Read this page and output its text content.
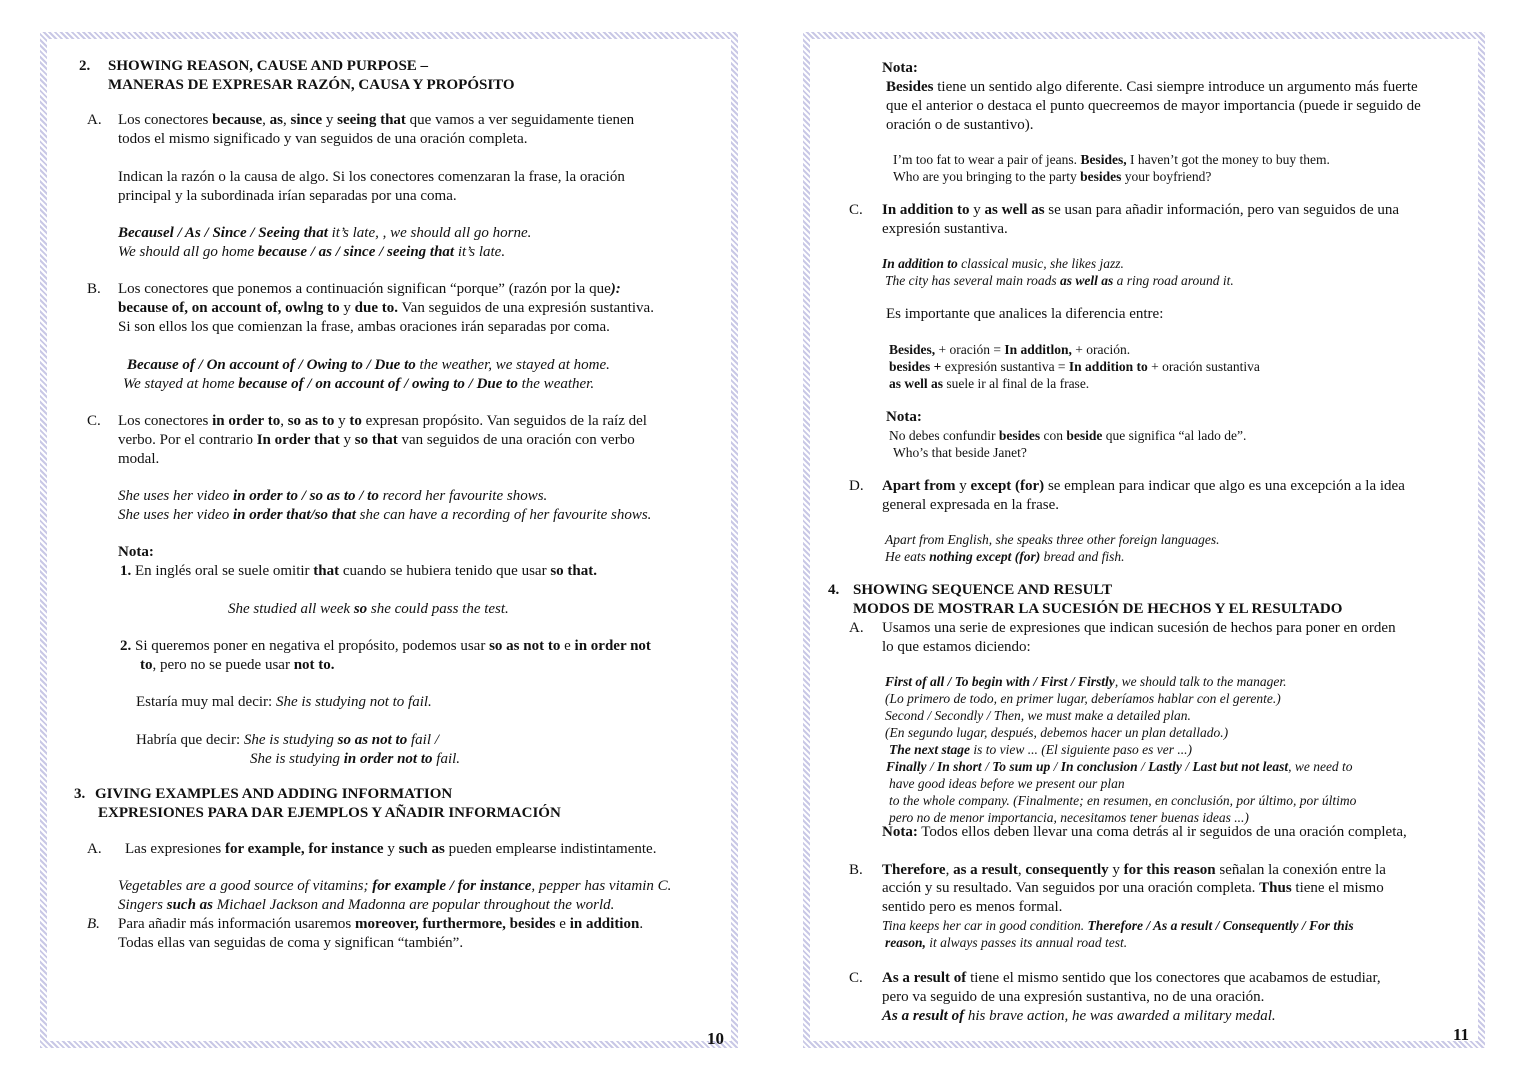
2. SHOWING REASON, CAUSE AND PURPOSE –
MANERAS DE EXPRESAR RAZÓN, CAUSA Y PROPÓSITO
A. Los conectores because, as, since y seeing that que vamos a ver seguidamente tienen
todos el mismo significado y van seguidos de una oración completa.
Indican la razón o la causa de algo. Si los conectores comenzaran la frase, la oración
principal y la subordinada irían separadas por una coma.
Becausel / As / Since / Seeing that it’s late, , we should all go horne.
We should all go home because / as / since / seeing that it’s late.
B. Los conectores que ponemos a continuación significan “porque” (razón por la que):
because of, on account of, owlng to y due to. Van seguidos de una expresión sustantiva.
Si son ellos los que comienzan la frase, ambas oraciones irán separadas por coma.
Because of / On account of / Owing to / Due to the weather, we stayed at home.
We stayed at home because of / on account of / owing to / Due to the weather.
C. Los conectores in order to, so as to y to expresan propósito. Van seguidos de la raíz del
verbo. Por el contrario In order that y so that van seguidos de una oración con verbo
modal.
She uses her video in order to / so as to / to record her favourite shows.
She uses her video in order that/so that she can have a recording of her favourite shows.
Nota:
1. En inglés oral se suele omitir that cuando se hubiera tenido que usar so that.
She studied all week so she could pass the test.
2. Si queremos poner en negativa el propósito, podemos usar so as not to e in order not
to, pero no se puede usar not to.
Estaría muy mal decir: She is studying not to fail.
Habría que decir: She is studying so as not to fail /
She is studying in order not to fail.
3. GIVING EXAMPLES AND ADDING INFORMATION
EXPRESIONES PARA DAR EJEMPLOS Y AÑADIR INFORMACIÓN
A. Las expresiones for example, for instance y such as pueden emplearse indistintamente.
Vegetables are a good source of vitamins; for example / for instance, pepper has vitamin C.
Singers such as Michael Jackson and Madonna are popular throughout the world.
B. Para añadir más información usaremos moreover, furthermore, besides e in addition.
Todas ellas van seguidas de coma y significan “también”.
10
Nota:
Besides tiene un sentido algo diferente. Casi siempre introduce un argumento más fuerte
que el anterior o destaca el punto quecreemos de mayor importancia (puede ir seguido de
oración o de sustantivo).
I’m too fat to wear a pair of jeans. Besides, I haven’t got the money to buy them.
Who are you bringing to the party besides your boyfriend?
C. In addition to y as well as se usan para añadir información, pero van seguidos de una
expresión sustantiva.
In addition to classical music, she likes jazz.
The city has several main roads as well as a ring road around it.
Es importante que analices la diferencia entre:
Besides, + oración = In additlon, + oración.
besides + expresión sustantiva = In addition to + oración sustantiva
as well as suele ir al final de la frase.
Nota:
No debes confundir besides con beside que significa “al lado de”.
Who’s that beside Janet?
D. Apart from y except (for) se emplean para indicar que algo es una excepción a la idea
general expresada en la frase.
Apart from English, she speaks three other foreign languages.
He eats nothing except (for) bread and fish.
4. SHOWING SEQUENCE AND RESULT
MODOS DE MOSTRAR LA SUCESIÓN DE HECHOS Y EL RESULTADO
A. Usamos una serie de expresiones que indican sucesión de hechos para poner en orden
lo que estamos diciendo:
First of all / To begin with / First / Firstly, we should talk to the manager.
(Lo primero de todo, en primer lugar, deberíamos hablar con el gerente.)
Second / Secondly / Then, we must make a detailed plan.
(En segundo lugar, después, debemos hacer un plan detallado.)
The next stage is to view ... (El siguiente paso es ver ...)
Finally / In short / To sum up / In conclusion / Lastly / Last but not least, we need to
have good ideas before we present our plan
to the whole company. (Finalmente; en resumen, en conclusión, por último, por último
pero no de menor importancia, necesitamos tener buenas ideas ...)
Nota: Todos ellos deben llevar una coma detrás al ir seguidos de una oración completa,
B. Therefore, as a result, consequently y for this reason señalan la conexión entre la
acción y su resultado. Van seguidos por una oración completa. Thus tiene el mismo
sentido pero es menos formal.
Tina keeps her car in good condition. Therefore / As a result / Consequently / For this
reason, it always passes its annual road test.
C. As a result of tiene el mismo sentido que los conectores que acabamos de estudiar,
pero va seguido de una expresión sustantiva, no de una oración.
As a result of his brave action, he was awarded a military medal.
11
